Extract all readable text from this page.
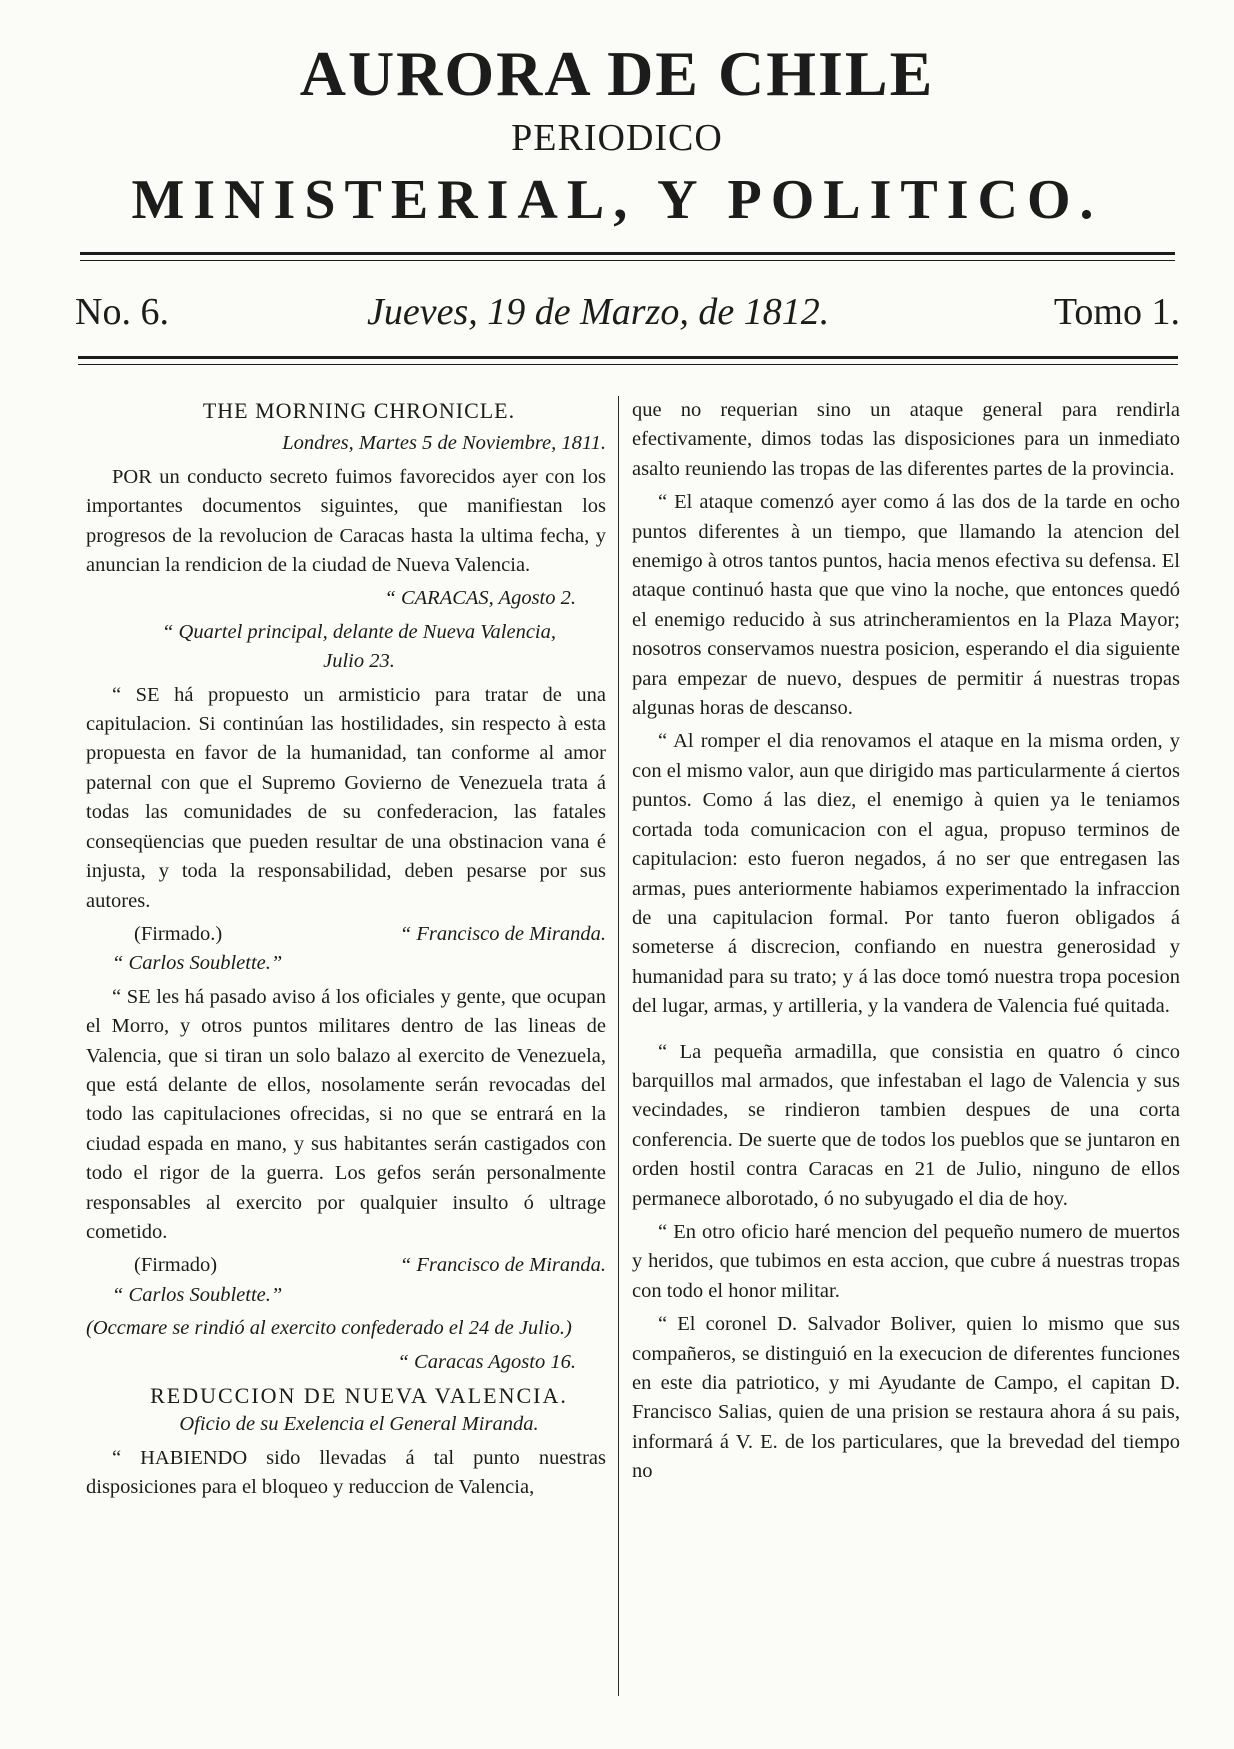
AURORA DE CHILE
PERIODICO
MINISTERIAL, Y POLITICO.
No. 6.	Jueves, 19 de Marzo, de 1812.	Tomo 1.

THE MORNING CHRONICLE.

Londres, Martes 5 de Noviembre, 1811.

POR un conducto secreto fuimos favorecidos ayer con los importantes documentos siguintes, que manifiestan los progresos de la revolucion de Caracas hasta la ultima fecha, y anuncian la rendicion de la ciudad de Nueva Valencia.

“ CARACAS, Agosto 2.

“ Quartel principal, delante de Nueva Valencia,

Julio 23.

“ SE há propuesto un armisticio para tratar de una capitulacion. Si continúan las hostilidades, sin respecto à esta propuesta en favor de la humanidad, tan conforme al amor paternal con que el Supremo Govierno de Venezuela trata á todas las comunidades de su confederacion, las fatales conseqüencias que pueden resultar de una obstinacion vana é injusta, y toda la responsabilidad, deben pesarse por sus autores.

(Firmado.)	“ Francisco de Miranda.

“ Carlos Soublette.”

“ SE les há pasado aviso á los oficiales y gente, que ocupan el Morro, y otros puntos militares dentro de las lineas de Valencia, que si tiran un solo balazo al exercito de Venezuela, que está delante de ellos, nosolamente serán revocadas del todo las capitulaciones ofrecidas, si no que se entrará en la ciudad espada en mano, y sus habitantes serán castigados con todo el rigor de la guerra. Los gefos serán personalmente responsables al exercito por qualquier insulto ó ultrage cometido.

(Firmado)	“ Francisco de Miranda.

“ Carlos Soublette.”

(Occmare se rindió al exercito confederado el 24 de Julio.)

“ Caracas Agosto 16.

REDUCCION DE NUEVA VALENCIA.

Oficio de su Exelencia el General Miranda.

“ HABIENDO sido llevadas á tal punto nuestras disposiciones para el bloqueo y reduccion de Valencia,

que no requerian sino un ataque general para rendirla efectivamente, dimos todas las disposiciones para un inmediato asalto reuniendo las tropas de las diferentes partes de la provincia.

“ El ataque comenzó ayer como á las dos de la tarde en ocho puntos diferentes à un tiempo, que llamando la atencion del enemigo à otros tantos puntos, hacia menos efectiva su defensa. El ataque continuó hasta que que vino la noche, que entonces quedó el enemigo reducido à sus atrincheramientos en la Plaza Mayor; nosotros conservamos nuestra posicion, esperando el dia siguiente para empezar de nuevo, despues de permitir á nuestras tropas algunas horas de descanso.

“ Al romper el dia renovamos el ataque en la misma orden, y con el mismo valor, aun que dirigido mas particularmente á ciertos puntos. Como á las diez, el enemigo à quien ya le teniamos cortada toda comunicacion con el agua, propuso terminos de capitulacion: esto fueron negados, á no ser que entregasen las armas, pues anteriormente habiamos experimentado la infraccion de una capitulacion formal. Por tanto fueron obligados á someterse á discrecion, confiando en nuestra generosidad y humanidad para su trato; y á las doce tomó nuestra tropa pocesion del lugar, armas, y artilleria, y la vandera de Valencia fué quitada.

“ La pequeña armadilla, que consistia en quatro ó cinco barquillos mal armados, que infestaban el lago de Valencia y sus vecindades, se rindieron tambien despues de una corta conferencia. De suerte que de todos los pueblos que se juntaron en orden hostil contra Caracas en 21 de Julio, ninguno de ellos permanece alborotado, ó no subyugado el dia de hoy.

“ En otro oficio haré mencion del pequeño numero de muertos y heridos, que tubimos en esta accion, que cubre á nuestras tropas con todo el honor militar.

“ El coronel D. Salvador Boliver, quien lo mismo que sus compañeros, se distinguió en la execucion de diferentes funciones en este dia patriotico, y mi Ayudante de Campo, el capitan D. Francisco Salias, quien de una prision se restaura ahora á su pais, informará á V. E. de los particulares, que la brevedad del tiempo no
